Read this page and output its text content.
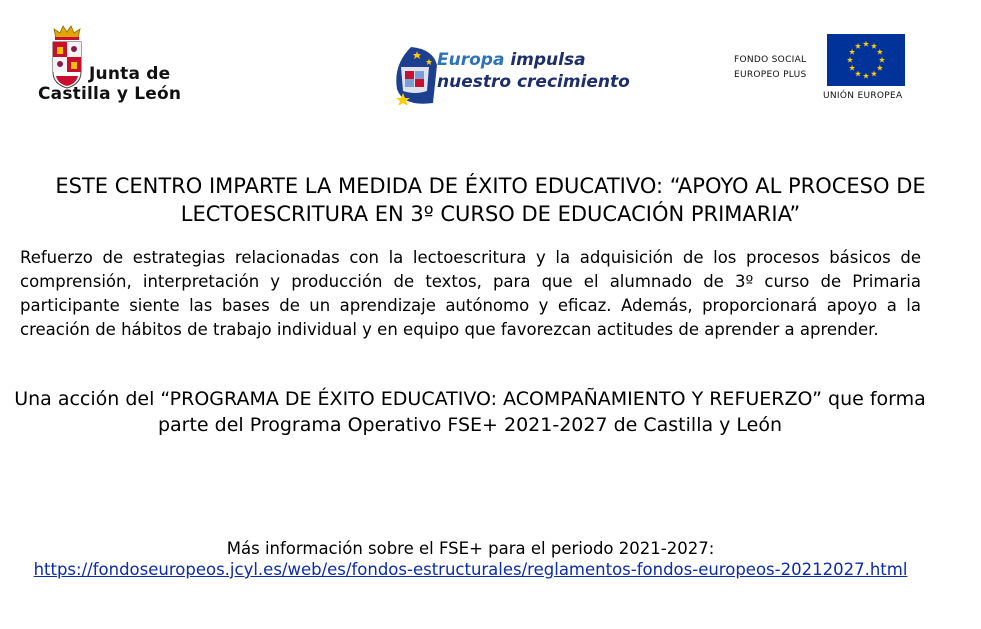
Junta de
Castilla y León
Europa impulsa
nuestro crecimiento
FONDO SOCIAL
EUROPEO PLUS
UNIÓN EUROPEA
ESTE CENTRO IMPARTE LA MEDIDA DE ÉXITO EDUCATIVO: “APOYO AL PROCESO DE LECTOESCRITURA EN 3º CURSO DE EDUCACIÓN PRIMARIA”
Refuerzo de estrategias relacionadas con la lectoescritura y la adquisición de los procesos básicos de comprensión, interpretación y producción de textos, para que el alumnado de 3º curso de Primaria participante siente las bases de un aprendizaje autónomo y eficaz. Además, proporcionará apoyo a la creación de hábitos de trabajo individual y en equipo que favorezcan actitudes de aprender a aprender.
Una acción del “PROGRAMA DE ÉXITO EDUCATIVO: ACOMPAÑAMIENTO Y REFUERZO” que forma parte del Programa Operativo FSE+ 2021-2027 de Castilla y León
Más información sobre el FSE+ para el periodo 2021-2027:
https://fondoseuropeos.jcyl.es/web/es/fondos-estructurales/reglamentos-fondos-europeos-20212027.html
